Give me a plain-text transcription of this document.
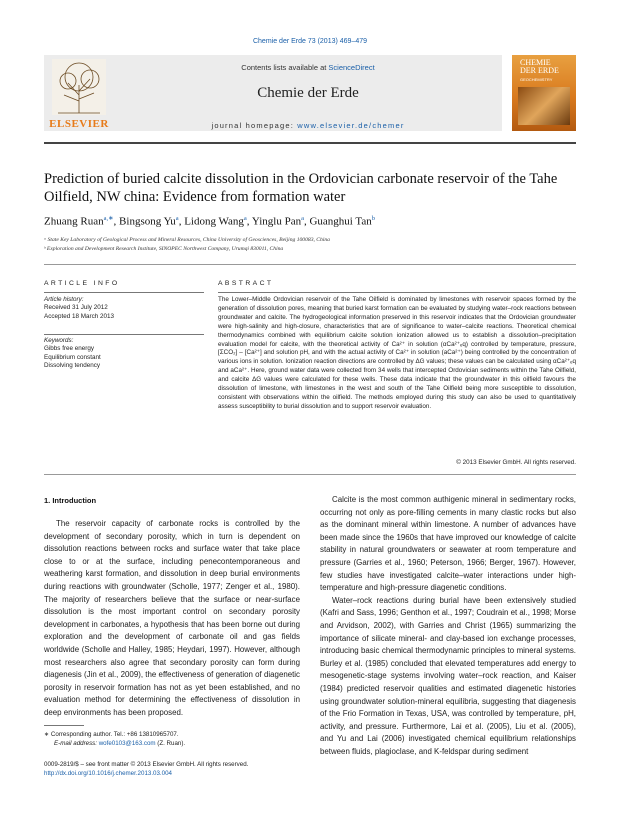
Chemie der Erde 73 (2013) 469–479
ELSEVIER
Contents lists available at ScienceDirect
Chemie der Erde
journal homepage: www.elsevier.de/chemer
CHEMIE
DER ERDE
GEOCHEMISTRY
Prediction of buried calcite dissolution in the Ordovician carbonate reservoir of the Tahe Oilfield, NW china: Evidence from formation water
Zhuang Ruan$^{a,∗}$, Bingsong Yu$^a$, Lidong Wang$^a$, Yinglu Pan$^a$, Guanghui Tan$^b$
ᵃ State Key Laboratory of Geological Process and Mineral Resources, China University of Geosciences, Beijing 100083, China
ᵇ Exploration and Development Research Institute, SINOPEC Northwest Company, Urumqi 830011, China
ARTICLE INFO	ABSTRACT
Article history:
Received 31 July 2012
Accepted 18 March 2013
Keywords:
Gibbs free energy
Equilibrium constant
Dissolving tendency
The Lower–Middle Ordovician reservoir of the Tahe Oilfield is dominated by limestones with reservoir spaces formed by the generation of dissolution pores, meaning that buried karst formation can be evaluated by studying water–rock reactions between groundwater and calcite. The hydrogeological information preserved in this reservoir indicates that the Ordovician groundwater were high-salinity and high-closure, characteristics that are of significance to water–calcite reactions. Theoretical chemical thermodynamics combined with equilibrium calcite solution ionization allowed us to establish a dissolution–precipitation evaluation model for calcite, with the theoretical activity of Ca²⁺ in solution (αCa²⁺ₑq) controlled by temperature, pressure, [ΣCO₂] – [Ca²⁺] and solution pH, and with the actual activity of Ca²⁺ in solution (aCa²⁺) being controlled by the concentration of various ions in solution. Ionization reaction directions are controlled by ΔG values; these values can be calculated using αCa²⁺ₑq and aCa²⁺. Here, ground water data were collected from 34 wells that intercepted Ordovician sediments within the Tahe Oilfield, and calcite ΔG values were calculated for these wells. These data indicate that the groundwater in this oilfield favours the dissolution of limestone, with limestones in the west and south of the Tahe Oilfield being more susceptible to dissolution, consistent with observations within the oilfield. The methods employed during this study can also be used to quantitatively assess susceptibility to burial dissolution and to support reservoir evaluation.
© 2013 Elsevier GmbH. All rights reserved.
1. Introduction

The reservoir capacity of carbonate rocks is controlled by the development of secondary porosity, which in turn is dependent on dissolution reactions between rocks and surface water that take place close to or at the surface, including penecontemporaneous and weathering karst formation, and dissolution in deep burial environments during reactions with groundwater (Scholle, 1977; Zenger et al., 1980). The majority of researchers believe that the surface or near-surface dissolution is the most important control on secondary porosity development in carbonates, a hypothesis that has been borne out during exploration and the development of carbonate oil and gas fields worldwide (Scholle and Halley, 1985; Heydari, 1997). However, although most researchers also agree that secondary porosity can form during diagenesis (Jin et al., 2009), the effectiveness of generation of diagenetic porosity in reservoir formation has not as yet been established, and no evaluation method for determining the effectiveness of dissolution in deep environments has been proposed.

Calcite is the most common authigenic mineral in sedimentary rocks, occurring not only as pore-filling cements in many clastic rocks but also as the dominant mineral within limestone. A number of advances have been made since the 1960s that have improved our knowledge of calcite stability in natural groundwaters or seawater at room temperature and pressure (Garries et al., 1960; Peterson, 1966; Berger, 1967). However, few studies have investigated calcite–water interactions under high-temperature and high-pressure diagenetic conditions.

Water–rock reactions during burial have been extensively studied (Kafri and Sass, 1996; Genthon et al., 1997; Coudrain et al., 1998; Morse and Arvidson, 2002), with Garries and Christ (1965) summarizing the importance of silicate mineral- and clay-based ion exchange processes, introducing basic chemical thermodynamic principles to mineral systems. Burley et al. (1985) concluded that elevated temperatures add energy to mesogenetic-stage systems involving water–rock reaction, and Kaiser (1984) predicted reservoir qualities and estimated diagenetic histories using groundwater solution-mineral equilibria, suggesting that diagenesis of the Frio Formation in Texas, USA, was controlled by temperature, pH, activity, and pressure. Furthermore, Lai et al. (2005), Liu et al. (2005), and Yu and Lai (2006) investigated chemical equilibrium relationships between fluids, plagioclase, and K-feldspar during sediment

∗ Corresponding author. Tel.: +86 13810965707.
E-mail address: wofe0103@163.com (Z. Ruan).
0009-2819/$ – see front matter © 2013 Elsevier GmbH. All rights reserved.
http://dx.doi.org/10.1016/j.chemer.2013.03.004
